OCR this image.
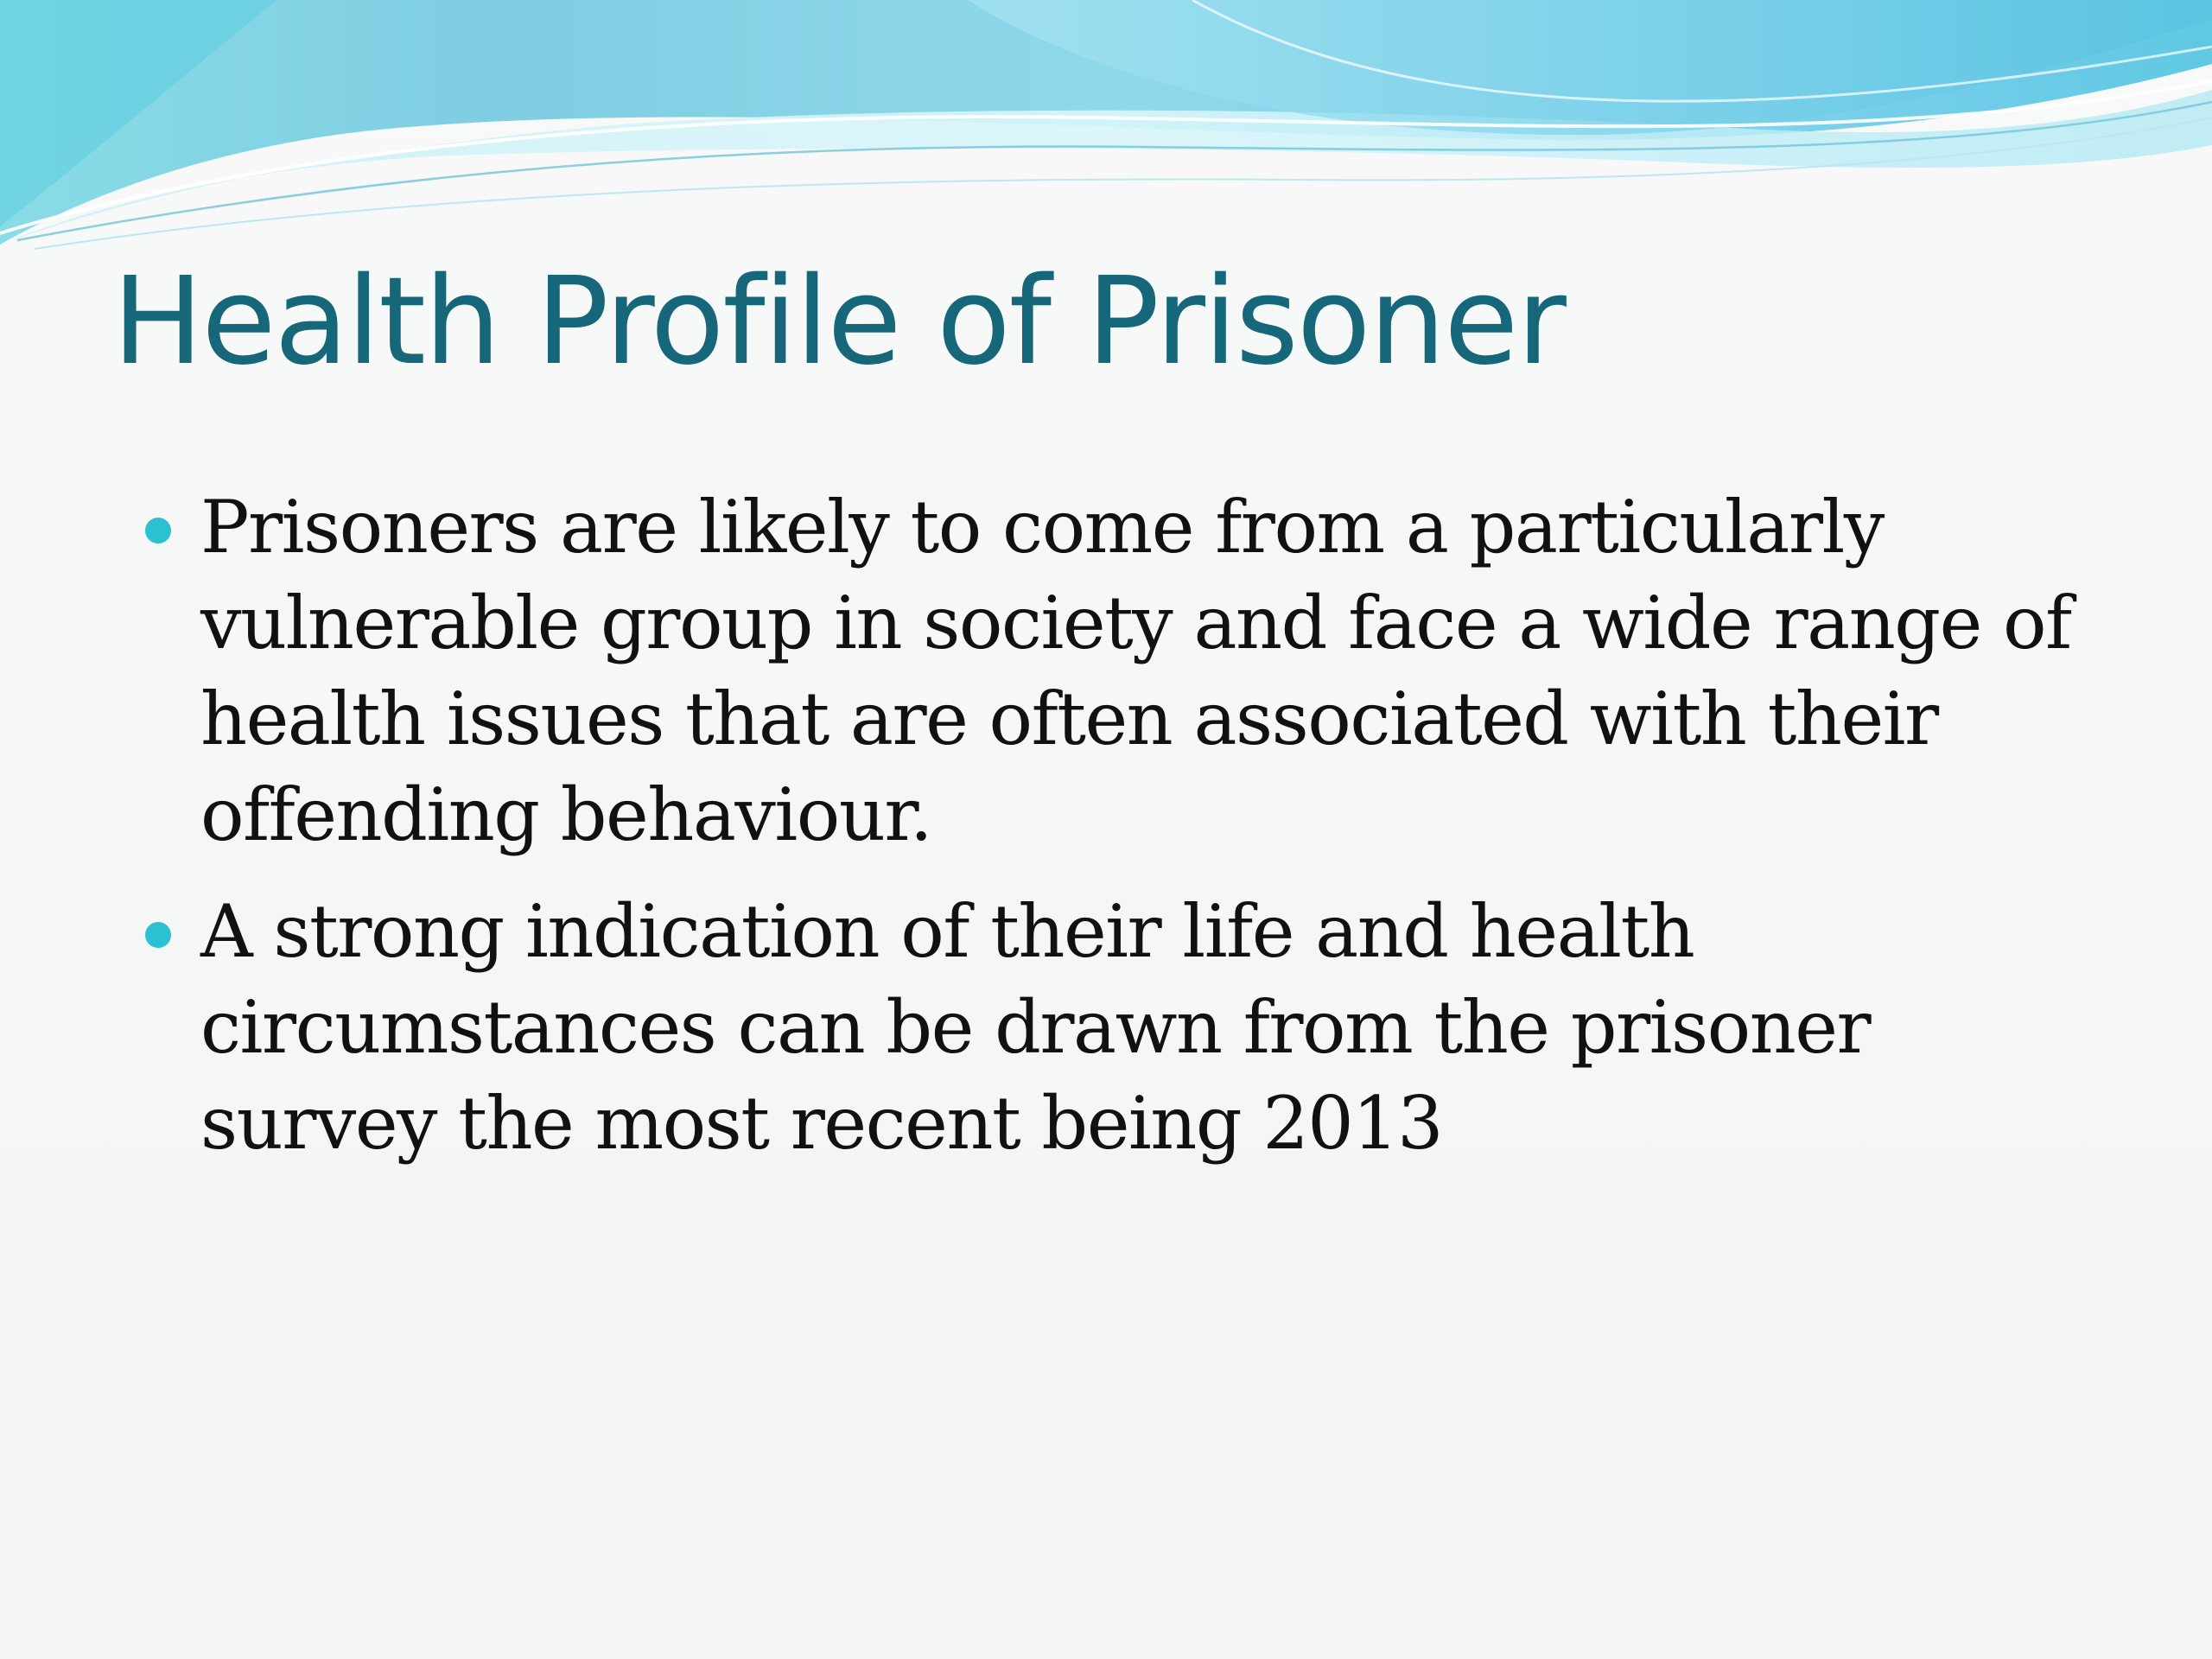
Health Profile of Prisoner
Prisoners are likely to come from a particularly vulnerable group in society and face a wide range of health issues that are often associated with their offending behaviour.
A strong indication of their life and health circumstances can be drawn from the prisoner survey the most recent being 2013
